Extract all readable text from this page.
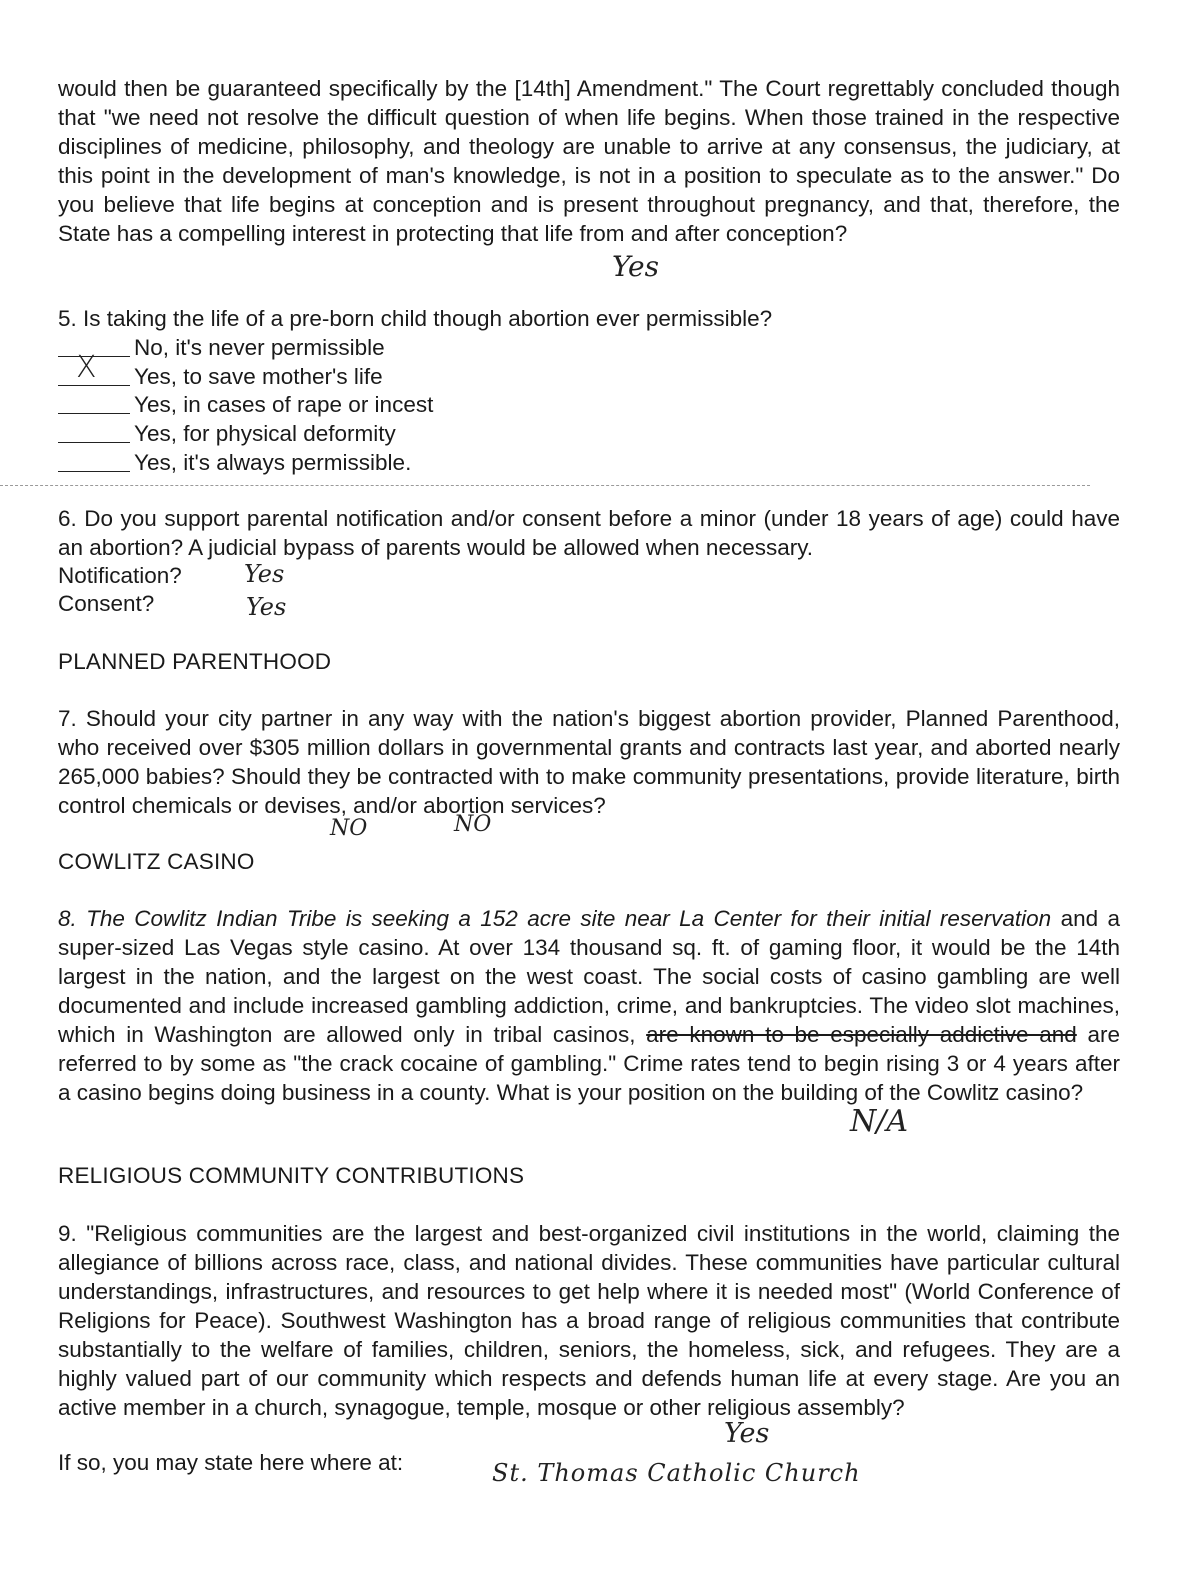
would then be guaranteed specifically by the [14th] Amendment." The Court regrettably concluded though that "we need not resolve the difficult question of when life begins. When those trained in the respective disciplines of medicine, philosophy, and theology are unable to arrive at any consensus, the judiciary, at this point in the development of man's knowledge, is not in a position to speculate as to the answer." Do you believe that life begins at conception and is present throughout pregnancy, and that, therefore, the State has a compelling interest in protecting that life from and after conception?
Yes
5. Is taking the life of a pre-born child though abortion ever permissible?
No, it's never permissible
X Yes, to save mother's life
Yes, in cases of rape or incest
Yes, for physical deformity
Yes, it's always permissible.
6. Do you support parental notification and/or consent before a minor (under 18 years of age) could have an abortion? A judicial bypass of parents would be allowed when necessary.
Notification?	Yes
Consent?	Yes
PLANNED PARENTHOOD
7. Should your city partner in any way with the nation's biggest abortion provider, Planned Parenthood, who received over $305 million dollars in governmental grants and contracts last year, and aborted nearly 265,000 babies? Should they be contracted with to make community presentations, provide literature, birth control chemicals or devises, and/or abortion services?
NO	NO
COWLITZ CASINO
8. The Cowlitz Indian Tribe is seeking a 152 acre site near La Center for their initial reservation and a super-sized Las Vegas style casino. At over 134 thousand sq. ft. of gaming floor, it would be the 14th largest in the nation, and the largest on the west coast. The social costs of casino gambling are well documented and include increased gambling addiction, crime, and bankruptcies. The video slot machines, which in Washington are allowed only in tribal casinos, are known to be especially addictive and are referred to by some as "the crack cocaine of gambling." Crime rates tend to begin rising 3 or 4 years after a casino begins doing business in a county. What is your position on the building of the Cowlitz casino?
N/A
RELIGIOUS COMMUNITY CONTRIBUTIONS
9. "Religious communities are the largest and best-organized civil institutions in the world, claiming the allegiance of billions across race, class, and national divides. These communities have particular cultural understandings, infrastructures, and resources to get help where it is needed most" (World Conference of Religions for Peace). Southwest Washington has a broad range of religious communities that contribute substantially to the welfare of families, children, seniors, the homeless, sick, and refugees. They are a highly valued part of our community which respects and defends human life at every stage. Are you an active member in a church, synagogue, temple, mosque or other religious assembly?
Yes
If so, you may state here where at:	St. Thomas Catholic Church
